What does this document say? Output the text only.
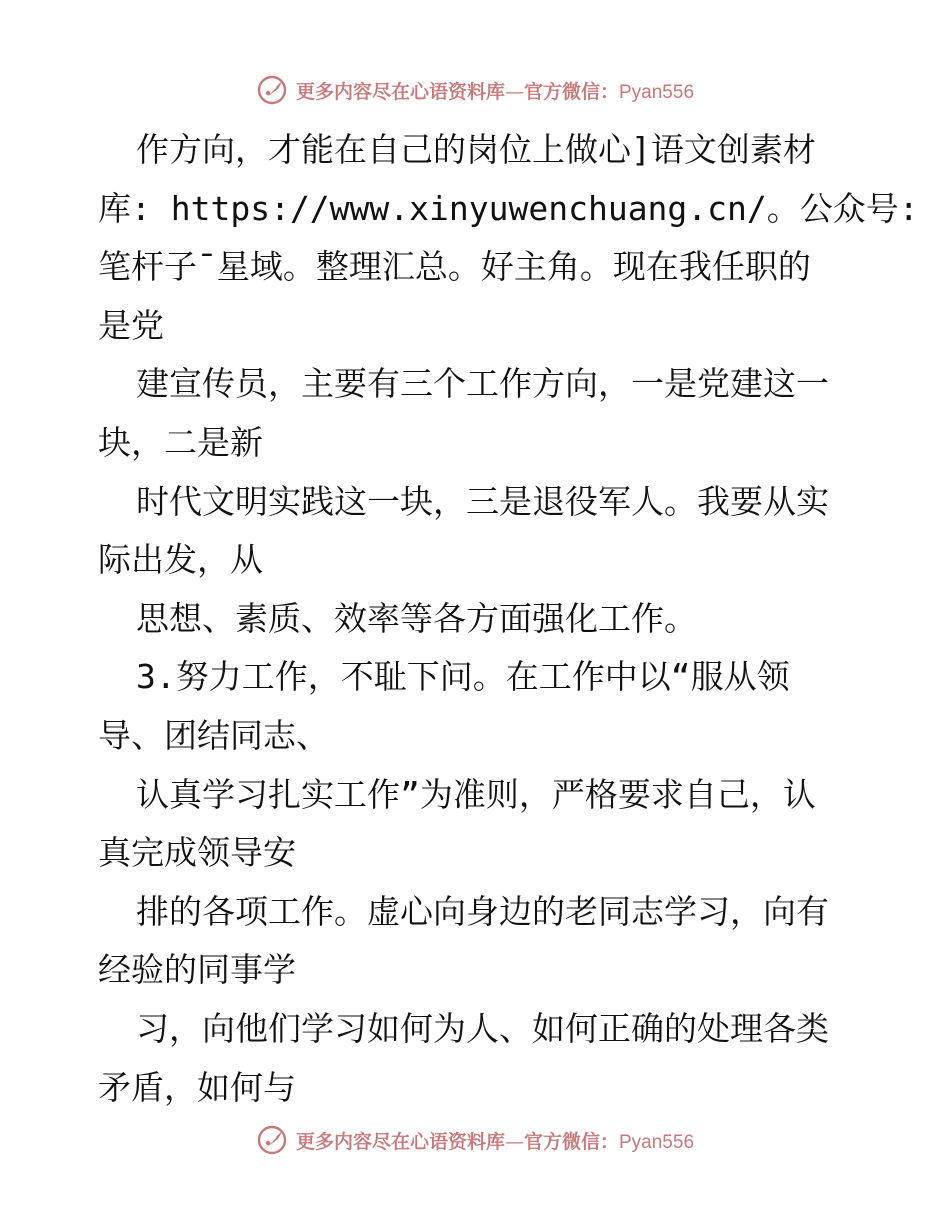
更多内容尽在心语资料库—官方微信：Pyan556
作方向，才能在自己的岗位上做心]语文创素材
库: https://www.xinyuwenchuang.cn/。公众号:
笔杆子¯星域。整理汇总。好主角。现在我任职的
是党
建宣传员，主要有三个工作方向，一是党建这一
块，二是新
时代文明实践这一块，三是退役军人。我要从实
际出发，从
思想、素质、效率等各方面强化工作。
3.努力工作，不耻下问。在工作中以“服从领
导、团结同志、
认真学习扎实工作”为准则，严格要求自己，认
真完成领导安
排的各项工作。虚心向身边的老同志学习，向有
经验的同事学
习，向他们学习如何为人、如何正确的处理各类
矛盾，如何与
更多内容尽在心语资料库—官方微信：Pyan556
